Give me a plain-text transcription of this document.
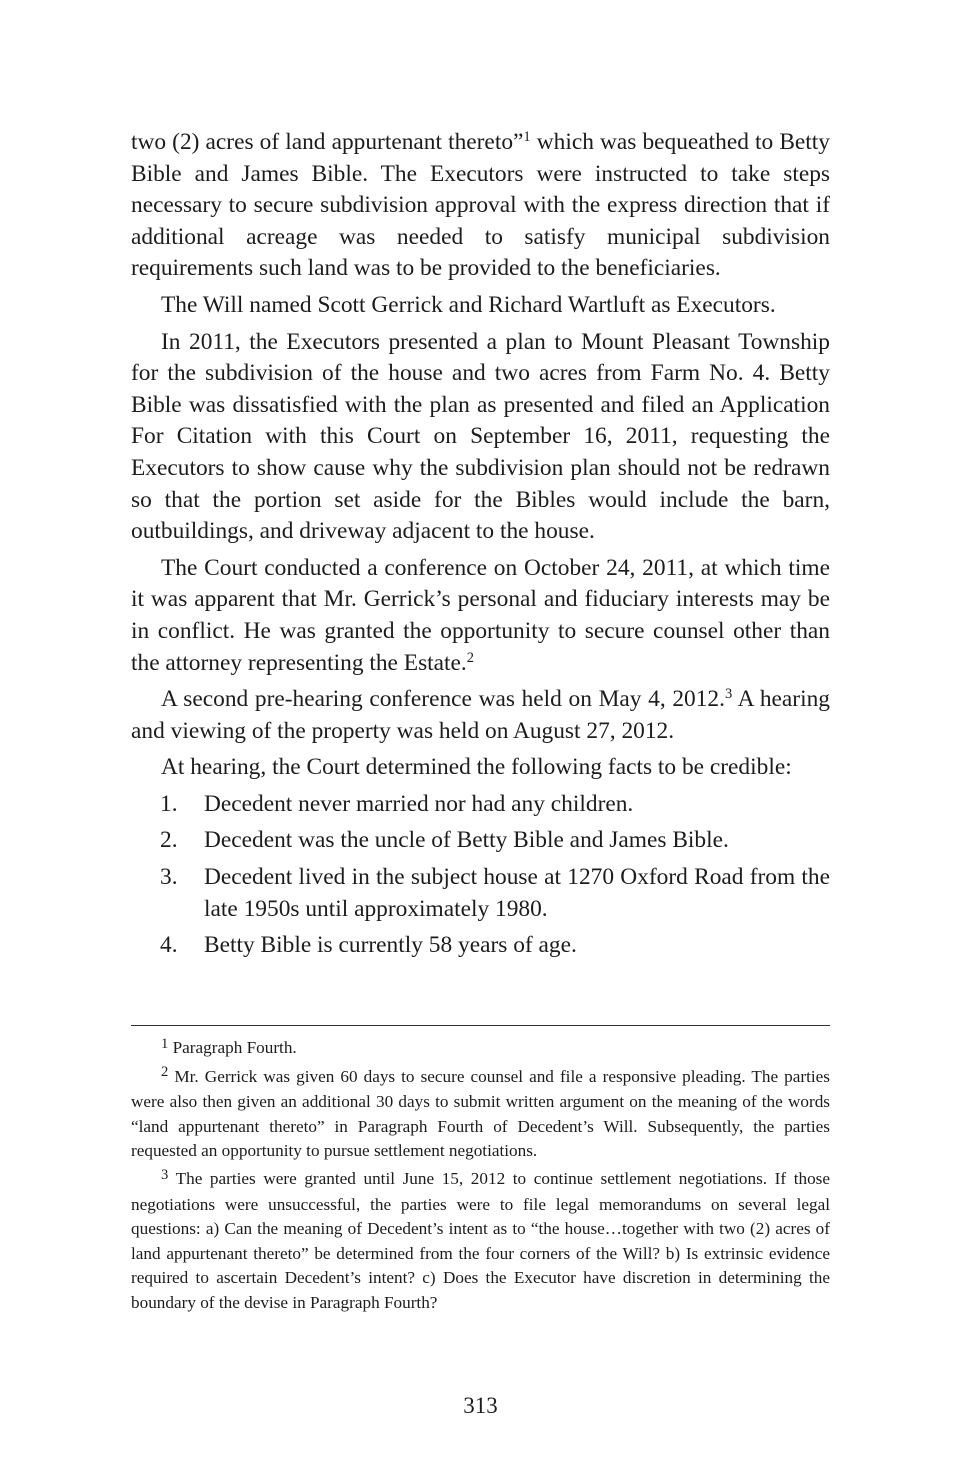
two (2) acres of land appurtenant thereto”$^1$ which was bequeathed to Betty Bible and James Bible. The Executors were instructed to take steps necessary to secure subdivision approval with the express direction that if additional acreage was needed to satisfy municipal subdivision requirements such land was to be provided to the beneficiaries.

The Will named Scott Gerrick and Richard Wartluft as Executors.

In 2011, the Executors presented a plan to Mount Pleasant Township for the subdivision of the house and two acres from Farm No. 4. Betty Bible was dissatisfied with the plan as presented and filed an Application For Citation with this Court on September 16, 2011, requesting the Executors to show cause why the subdivision plan should not be redrawn so that the portion set aside for the Bibles would include the barn, outbuildings, and driveway adjacent to the house.

The Court conducted a conference on October 24, 2011, at which time it was apparent that Mr. Gerrick’s personal and fiduciary interests may be in conflict. He was granted the opportunity to secure counsel other than the attorney representing the Estate.$^2$

A second pre-hearing conference was held on May 4, 2012.$^3$ A hearing and viewing of the property was held on August 27, 2012.

At hearing, the Court determined the following facts to be credible:

1. Decedent never married nor had any children.
2. Decedent was the uncle of Betty Bible and James Bible.
3. Decedent lived in the subject house at 1270 Oxford Road from the late 1950s until approximately 1980.
4. Betty Bible is currently 58 years of age.

$^1$ Paragraph Fourth.

$^2$ Mr. Gerrick was given 60 days to secure counsel and file a responsive pleading. The parties were also then given an additional 30 days to submit written argument on the meaning of the words “land appurtenant thereto” in Paragraph Fourth of Decedent’s Will. Subsequently, the parties requested an opportunity to pursue settlement negotiations.

$^3$ The parties were granted until June 15, 2012 to continue settlement negotiations. If those negotiations were unsuccessful, the parties were to file legal memorandums on several legal questions: a) Can the meaning of Decedent’s intent as to “the house…together with two (2) acres of land appurtenant thereto” be determined from the four corners of the Will? b) Is extrinsic evidence required to ascertain Decedent’s intent? c) Does the Executor have discretion in determining the boundary of the devise in Paragraph Fourth?

313
